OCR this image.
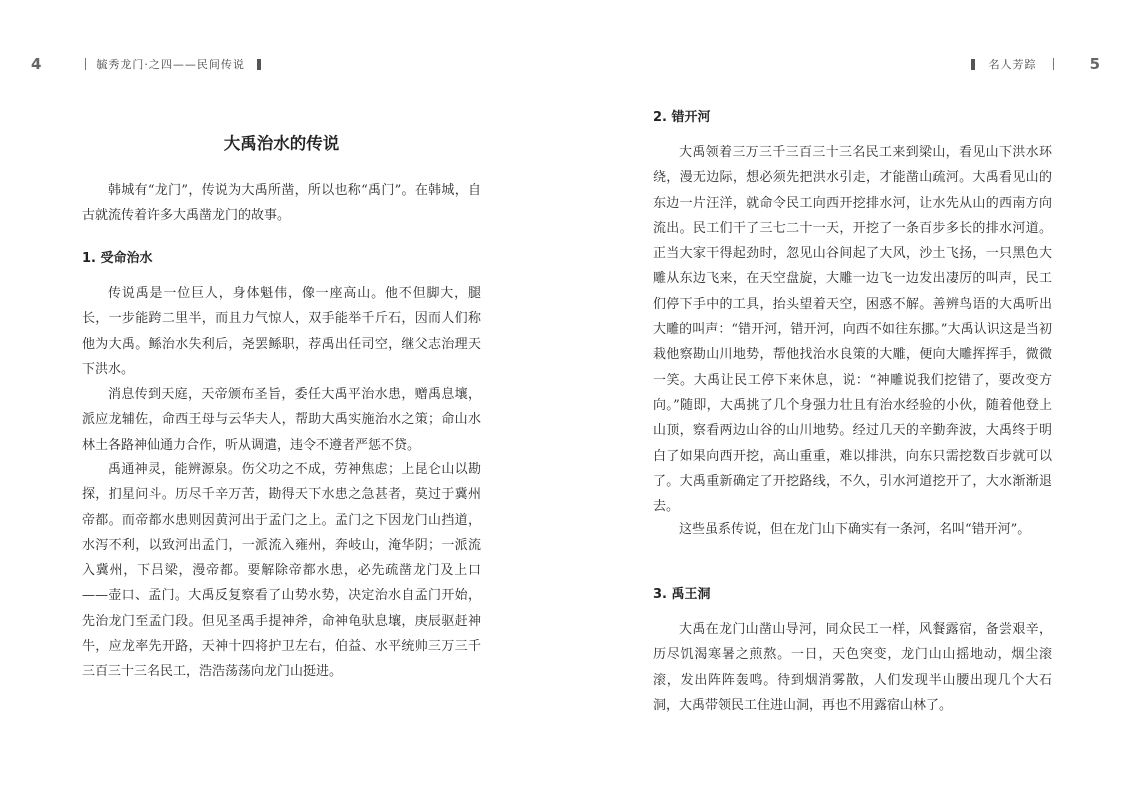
4	毓秀龙门·之四——民间传说
大禹治水的传说

韩城有“龙门”，传说为大禹所凿，所以也称“禹门”。在韩城，自古就流传着许多大禹凿龙门的故事。

1. 受命治水

传说禹是一位巨人，身体魁伟，像一座高山。他不但脚大，腿长，一步能跨二里半，而且力气惊人，双手能举千斤石，因而人们称他为大禹。鲧治水失利后，尧罢鲧职，荐禹出任司空，继父志治理天下洪水。

消息传到天庭，天帝颁布圣旨，委任大禹平治水患，赠禹息壤，派应龙辅佐，命西王母与云华夫人，帮助大禹实施治水之策；命山水林土各路神仙通力合作，听从调遣，违令不遵者严惩不贷。

禹通神灵，能辨源泉。伤父功之不成，劳神焦虑；上昆仑山以勘探，扪星问斗。历尽千辛万苦，勘得天下水患之急甚者，莫过于冀州帝都。而帝都水患则因黄河出于孟门之上。孟门之下因龙门山挡道，水泻不利，以致河出孟门，一派流入雍州，奔岐山，淹华阴；一派流入冀州，下吕梁，漫帝都。要解除帝都水患，必先疏凿龙门及上口——壶口、孟门。大禹反复察看了山势水势，决定治水自孟门开始，先治龙门至孟门段。但见圣禹手提神斧，命神龟驮息壤，庚辰驱赶神牛，应龙率先开路，天神十四将护卫左右，伯益、水平统帅三万三千三百三十三名民工，浩浩荡荡向龙门山挺进。

名人芳踪	5
2. 错开河

大禹领着三万三千三百三十三名民工来到梁山，看见山下洪水环绕，漫无边际，想必须先把洪水引走，才能凿山疏河。大禹看见山的东边一片汪洋，就命令民工向西开挖排水河，让水先从山的西南方向流出。民工们干了三七二十一天，开挖了一条百步多长的排水河道。正当大家干得起劲时，忽见山谷间起了大风，沙土飞扬，一只黑色大雕从东边飞来，在天空盘旋，大雕一边飞一边发出凄厉的叫声，民工们停下手中的工具，抬头望着天空，困惑不解。善辨鸟语的大禹听出大雕的叫声：“错开河，错开河，向西不如往东挪。”大禹认识这是当初栽他察勘山川地势，帮他找治水良策的大雕，便向大雕挥挥手，微微一笑。大禹让民工停下来休息，说：“神雕说我们挖错了，要改变方向。”随即，大禹挑了几个身强力壮且有治水经验的小伙，随着他登上山顶，察看两边山谷的山川地势。经过几天的辛勤奔波，大禹终于明白了如果向西开挖，高山重重，难以排洪，向东只需挖数百步就可以了。大禹重新确定了开挖路线，不久，引水河道挖开了，大水渐渐退去。

这些虽系传说，但在龙门山下确实有一条河，名叫“错开河”。

3. 禹王洞

大禹在龙门山凿山导河，同众民工一样，风餐露宿，备尝艰辛，历尽饥渴寒暑之煎熬。一日，天色突变，龙门山山摇地动，烟尘滚滚，发出阵阵轰鸣。待到烟消雾散，人们发现半山腰出现几个大石洞，大禹带领民工住进山洞，再也不用露宿山林了。
